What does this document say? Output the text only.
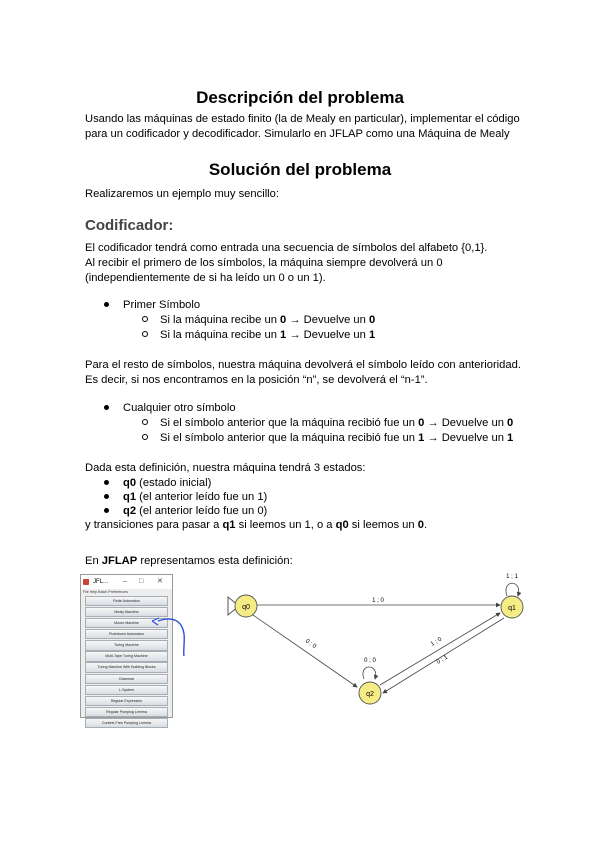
Descripción del problema
Usando las máquinas de estado finito (la de Mealy en particular), implementar el código
para un codificador y decodificador. Simularlo en JFLAP como una Máquina de Mealy
Solución del problema
Realizaremos un ejemplo muy sencillo:
Codificador:
El codificador tendrá como entrada una secuencia de símbolos del alfabeto {0,1}.
Al recibir el primero de los símbolos, la máquina siempre devolverá un 0
(independientemente de si ha leído un 0 o un 1).
Primer Símbolo
Si la máquina recibe un 0 → Devuelve un 0
Si la máquina recibe un 1 → Devuelve un 1
Para el resto de símbolos, nuestra máquina devolverá el símbolo leído con anterioridad.
Es decir, si nos encontramos en la posición “n”, se devolverá el “n-1”.
Cualquier otro símbolo
Si el símbolo anterior que la máquina recibió fue un 0 → Devuelve un 0
Si el símbolo anterior que la máquina recibió fue un 1 → Devuelve un 1
Dada esta definición, nuestra máquina tendrá 3 estados:
q0 (estado inicial)
q1 (el anterior leído fue un 1)
q2 (el anterior leído fue un 0)
y transiciones para pasar a q1 si leemos un 1, o a q0 si leemos un 0.
En JFLAP representamos esta definición:
JFL... – □ ✕
File Help Batch Preferences
Finite Automaton
Mealy Machine
Moore Machine
Pushdown Automaton
Turing Machine
Multi-Tape Turing Machine
Turing Machine With Building Blocks
Grammar
L-System
Regular Expression
Regular Pumping Lemma
Context-Free Pumping Lemma
q0	q1
q2
1 ; 0
0 ; 0
0 ; 0
1 ; 0
0 ; 1
1 ; 1
